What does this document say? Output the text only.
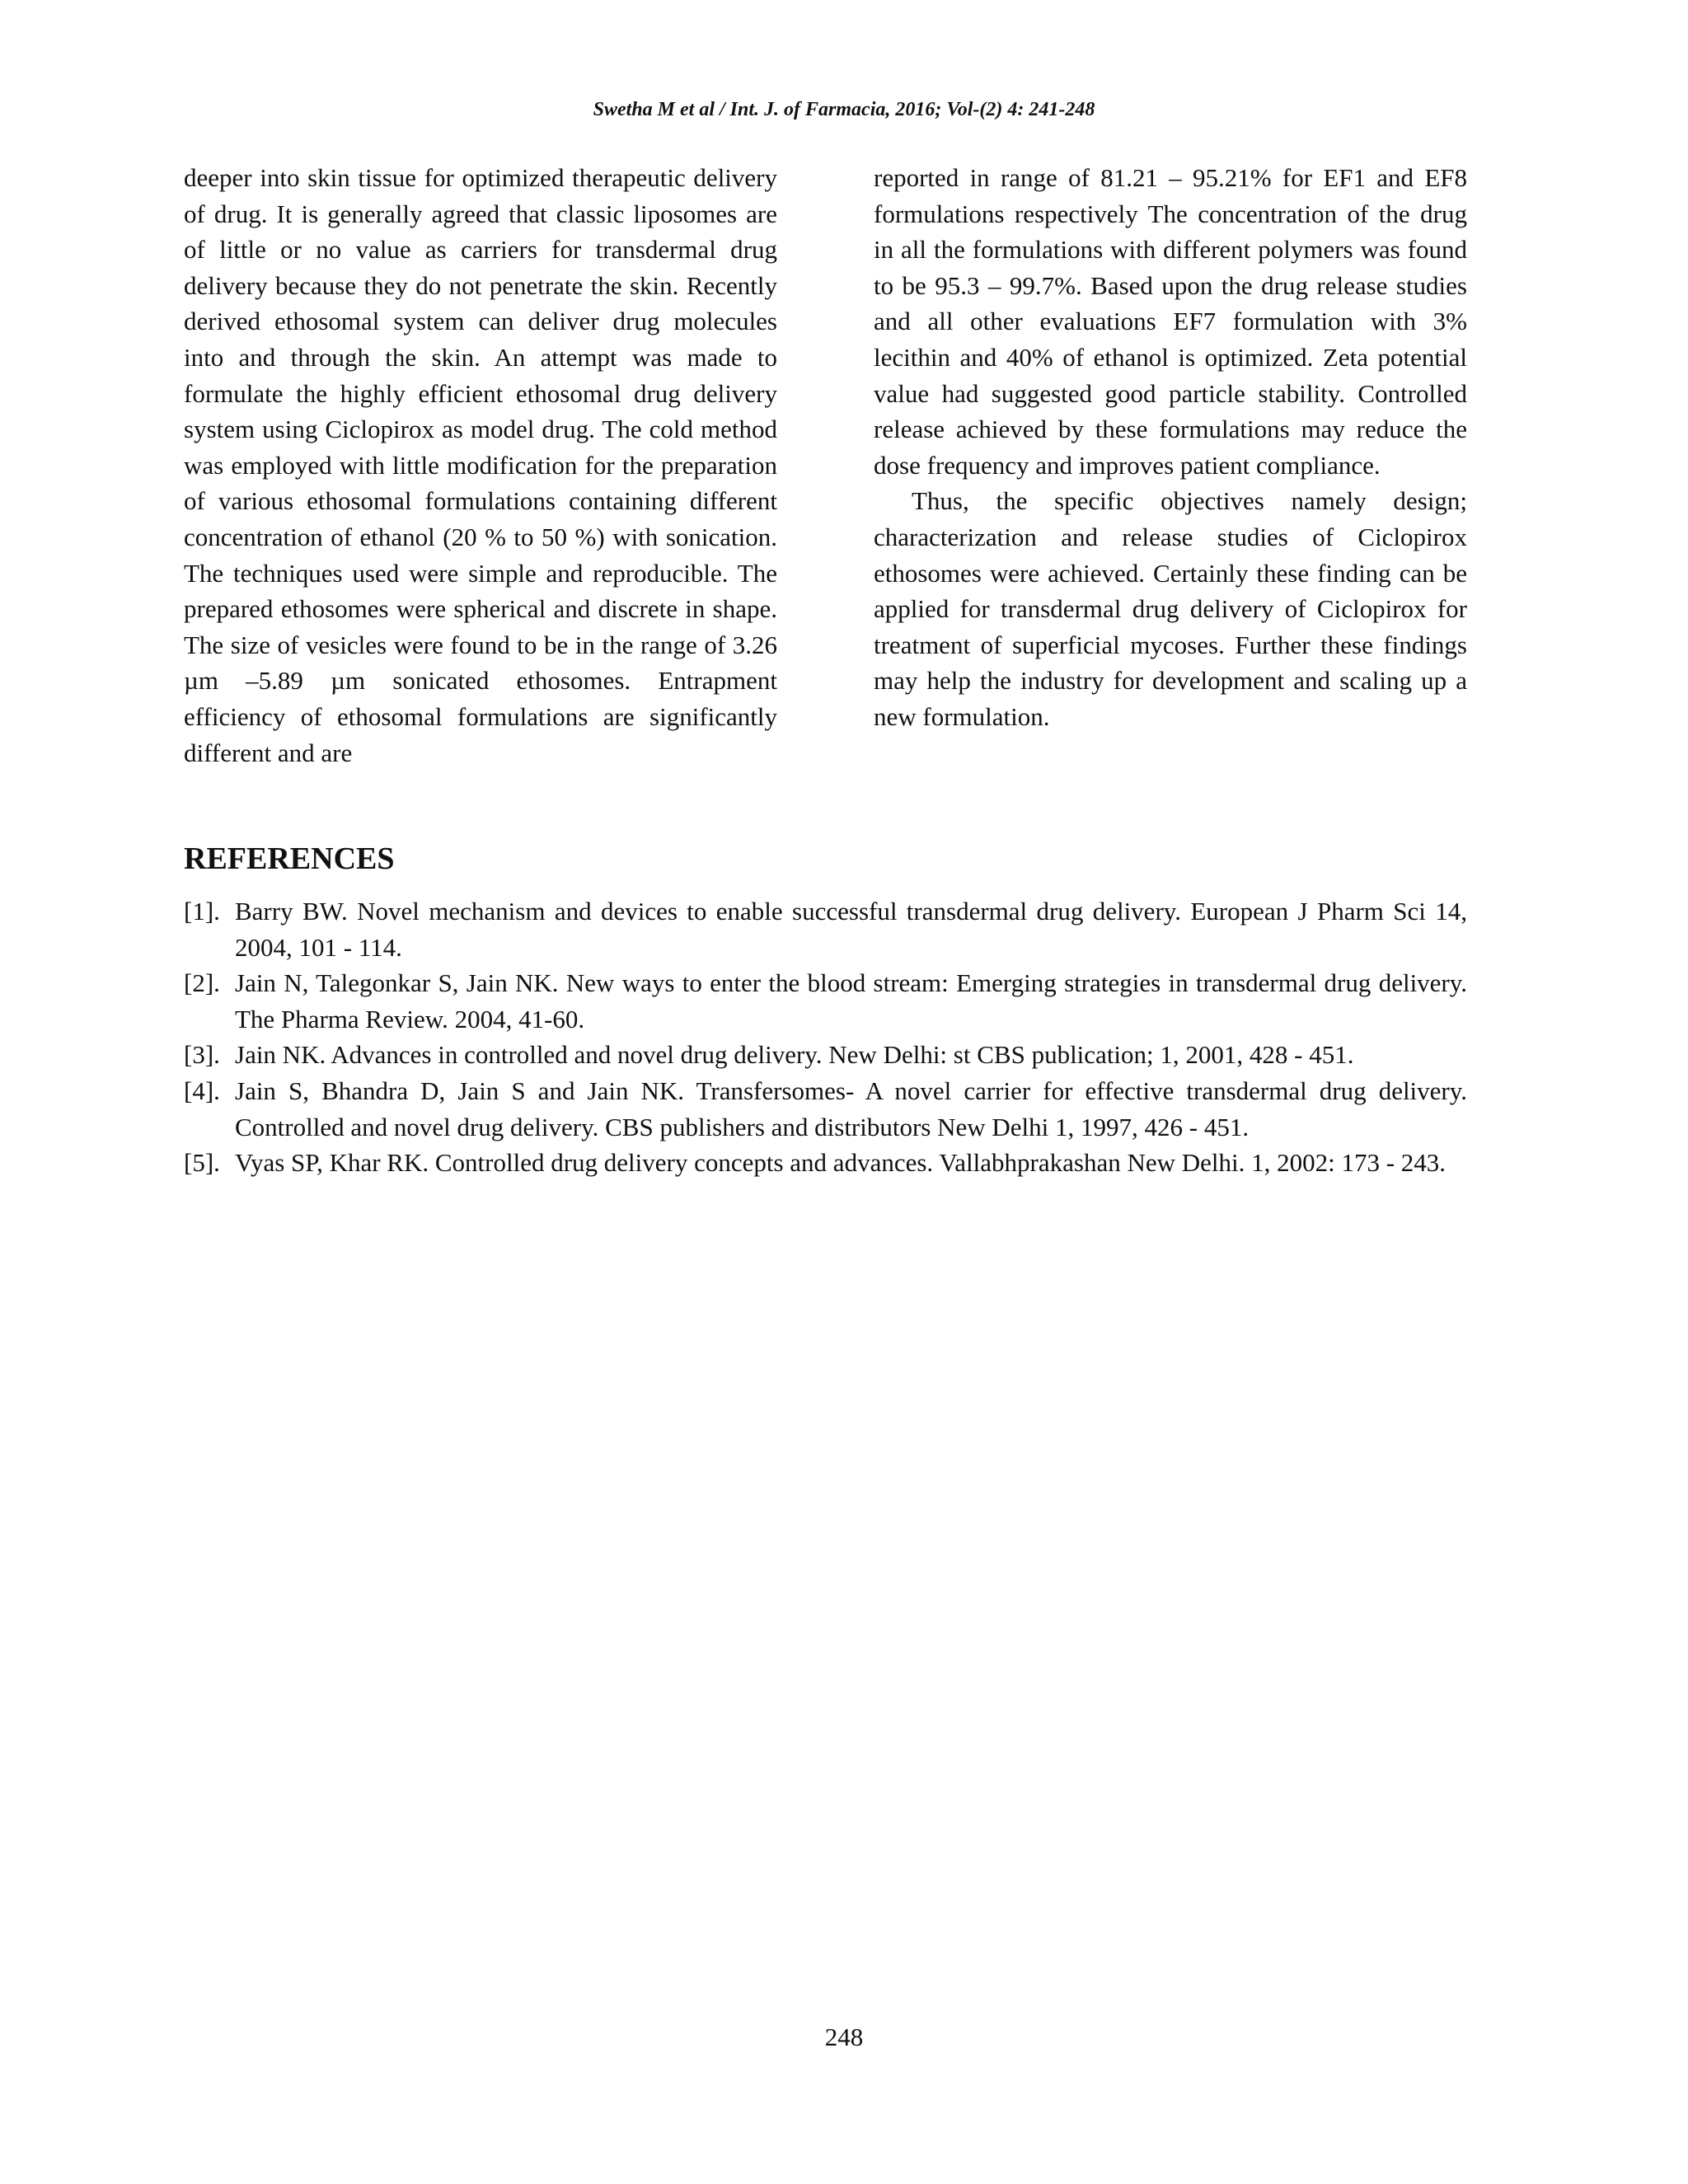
Swetha M et al / Int. J. of Farmacia, 2016; Vol-(2) 4: 241-248

deeper into skin tissue for optimized therapeutic delivery of drug. It is generally agreed that classic liposomes are of little or no value as carriers for transdermal drug delivery because they do not penetrate the skin. Recently derived ethosomal system can deliver drug molecules into and through the skin. An attempt was made to formulate the highly efficient ethosomal drug delivery system using Ciclopirox as model drug. The cold method was employed with little modification for the preparation of various ethosomal formulations containing different concentration of ethanol (20 % to 50 %) with sonication. The techniques used were simple and reproducible. The prepared ethosomes were spherical and discrete in shape. The size of vesicles were found to be in the range of 3.26 µm –5.89 µm sonicated ethosomes. Entrapment efficiency of ethosomal formulations are significantly different and are

reported in range of 81.21 – 95.21% for EF1 and EF8 formulations respectively The concentration of the drug in all the formulations with different polymers was found to be 95.3 – 99.7%. Based upon the drug release studies and all other evaluations EF7 formulation with 3% lecithin and 40% of ethanol is optimized. Zeta potential value had suggested good particle stability. Controlled release achieved by these formulations may reduce the dose frequency and improves patient compliance.

Thus, the specific objectives namely design; characterization and release studies of Ciclopirox ethosomes were achieved. Certainly these finding can be applied for transdermal drug delivery of Ciclopirox for treatment of superficial mycoses. Further these findings may help the industry for development and scaling up a new formulation.

REFERENCES
[1]. Barry BW. Novel mechanism and devices to enable successful transdermal drug delivery. European J Pharm Sci 14, 2004, 101 - 114.
[2]. Jain N, Talegonkar S, Jain NK. New ways to enter the blood stream: Emerging strategies in transdermal drug delivery. The Pharma Review. 2004, 41-60.
[3]. Jain NK. Advances in controlled and novel drug delivery. New Delhi: st CBS publication; 1, 2001, 428 - 451.
[4]. Jain S, Bhandra D, Jain S and Jain NK. Transfersomes- A novel carrier for effective transdermal drug delivery. Controlled and novel drug delivery. CBS publishers and distributors New Delhi 1, 1997, 426 - 451.
[5]. Vyas SP, Khar RK. Controlled drug delivery concepts and advances. Vallabhprakashan New Delhi. 1, 2002: 173 - 243.
248
